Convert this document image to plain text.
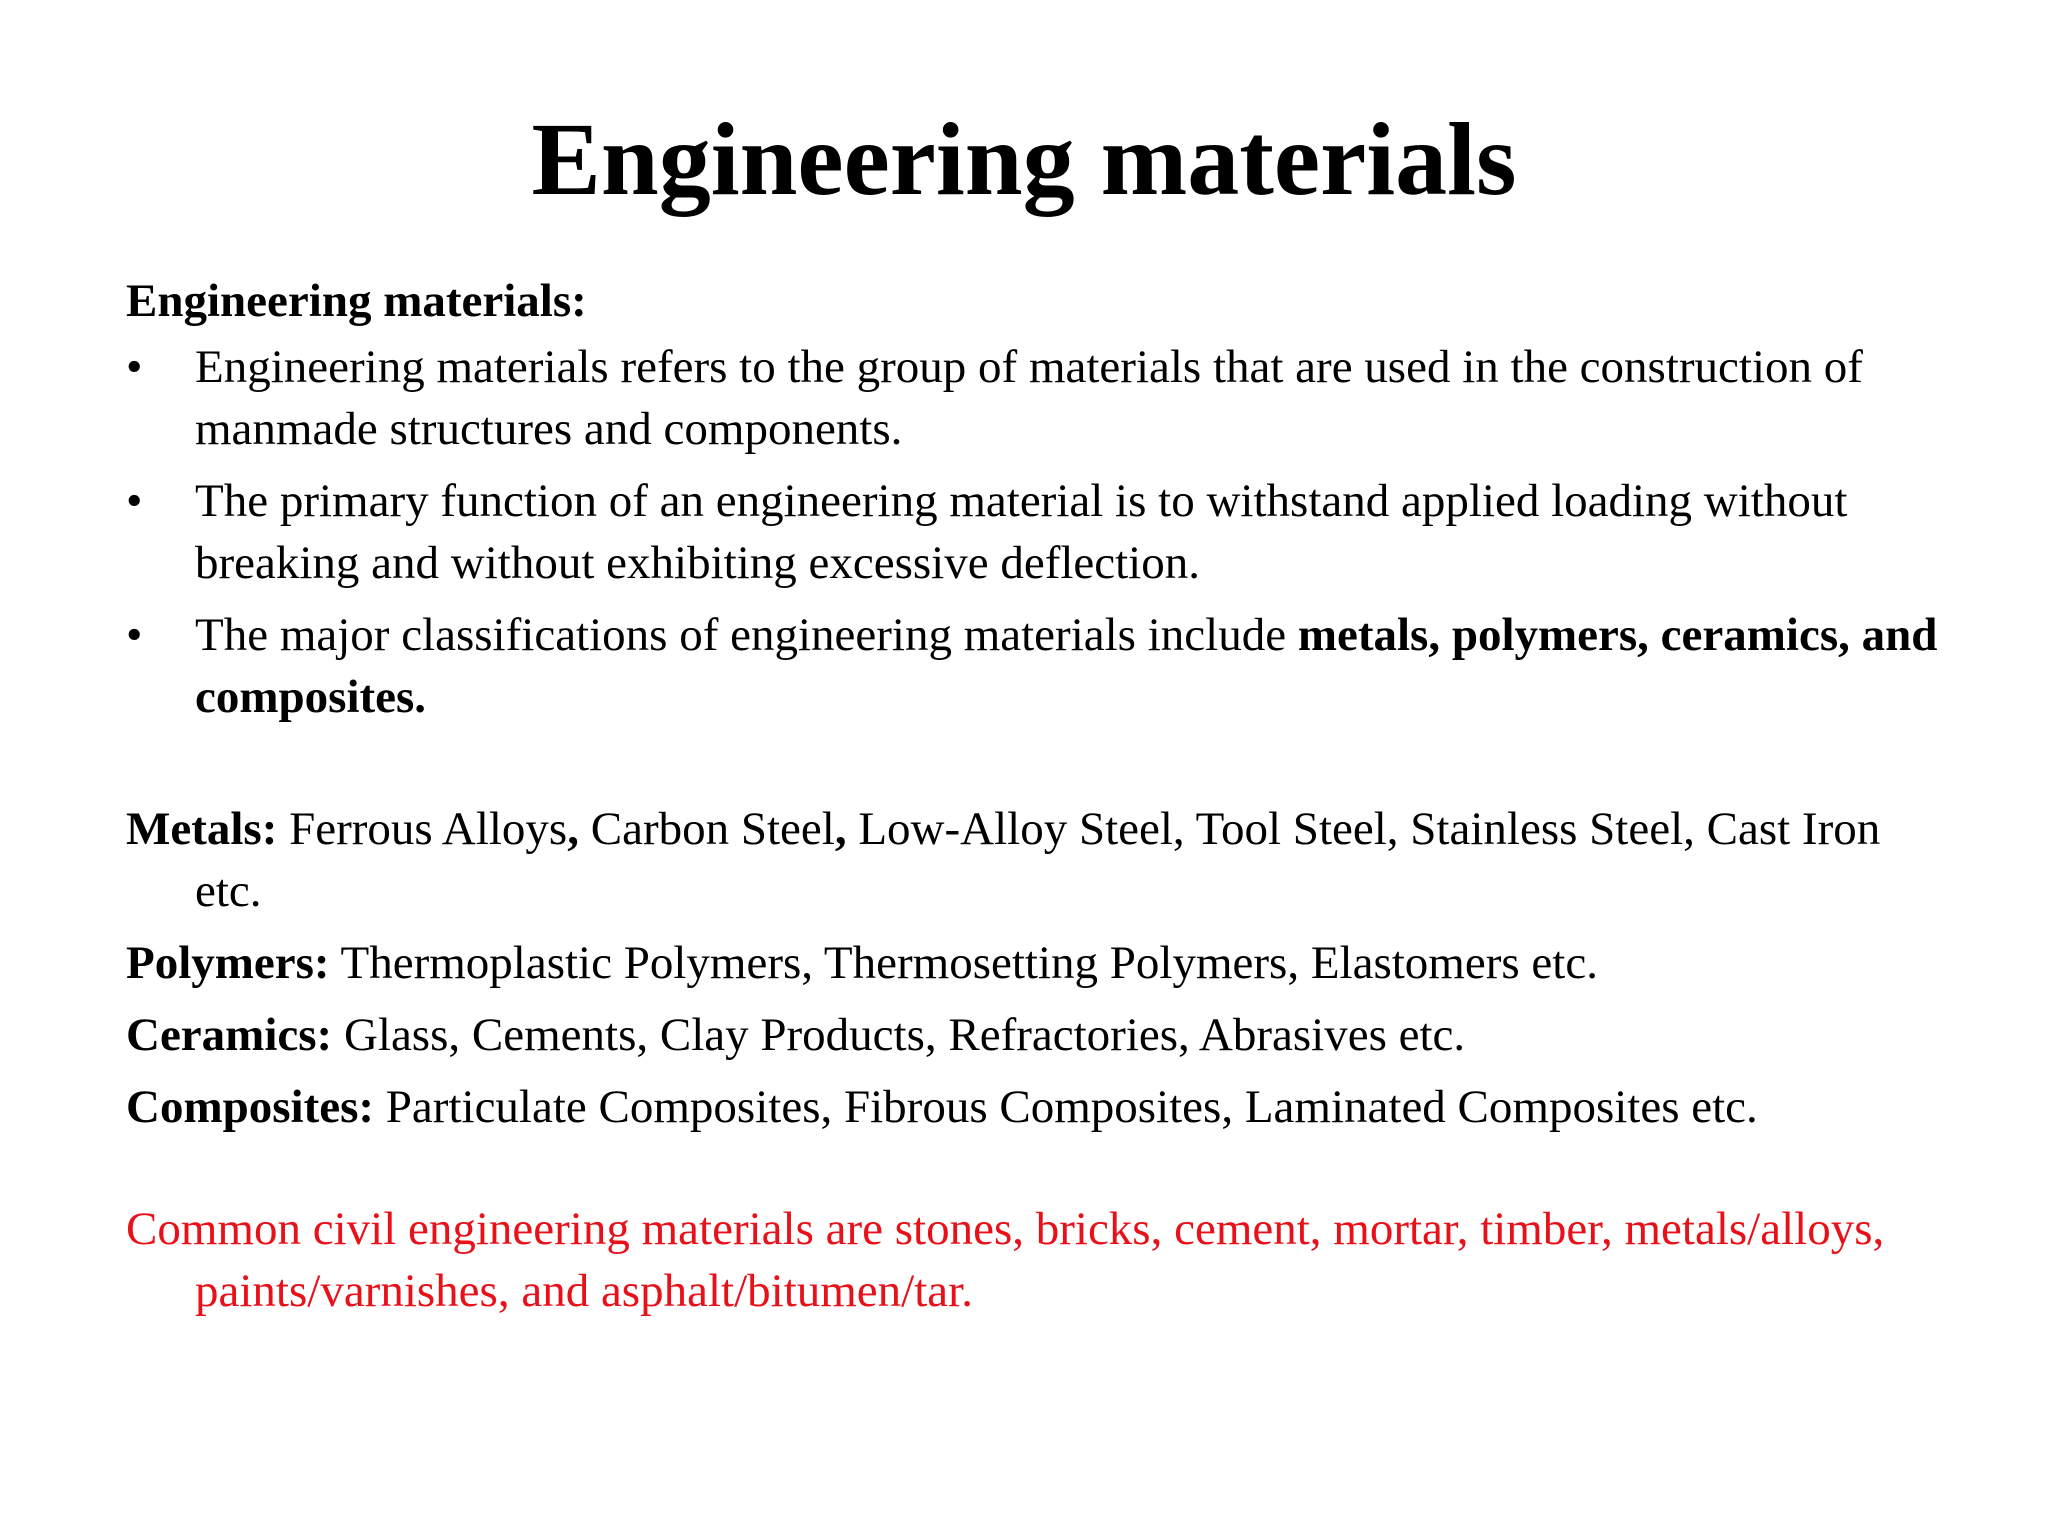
Engineering materials

Engineering materials:

• Engineering materials refers to the group of materials that are used in the construction of manmade structures and components.
• The primary function of an engineering material is to withstand applied loading without breaking and without exhibiting excessive deflection.
• The major classifications of engineering materials include metals, polymers, ceramics, and composites.
Metals: Ferrous Alloys, Carbon Steel, Low-Alloy Steel, Tool Steel, Stainless Steel, Cast Iron etc.
Polymers: Thermoplastic Polymers, Thermosetting Polymers, Elastomers etc.
Ceramics: Glass, Cements, Clay Products, Refractories, Abrasives etc.
Composites: Particulate Composites, Fibrous Composites, Laminated Composites etc.
Common civil engineering materials are stones, bricks, cement, mortar, timber, metals/alloys, paints/varnishes, and asphalt/bitumen/tar.
